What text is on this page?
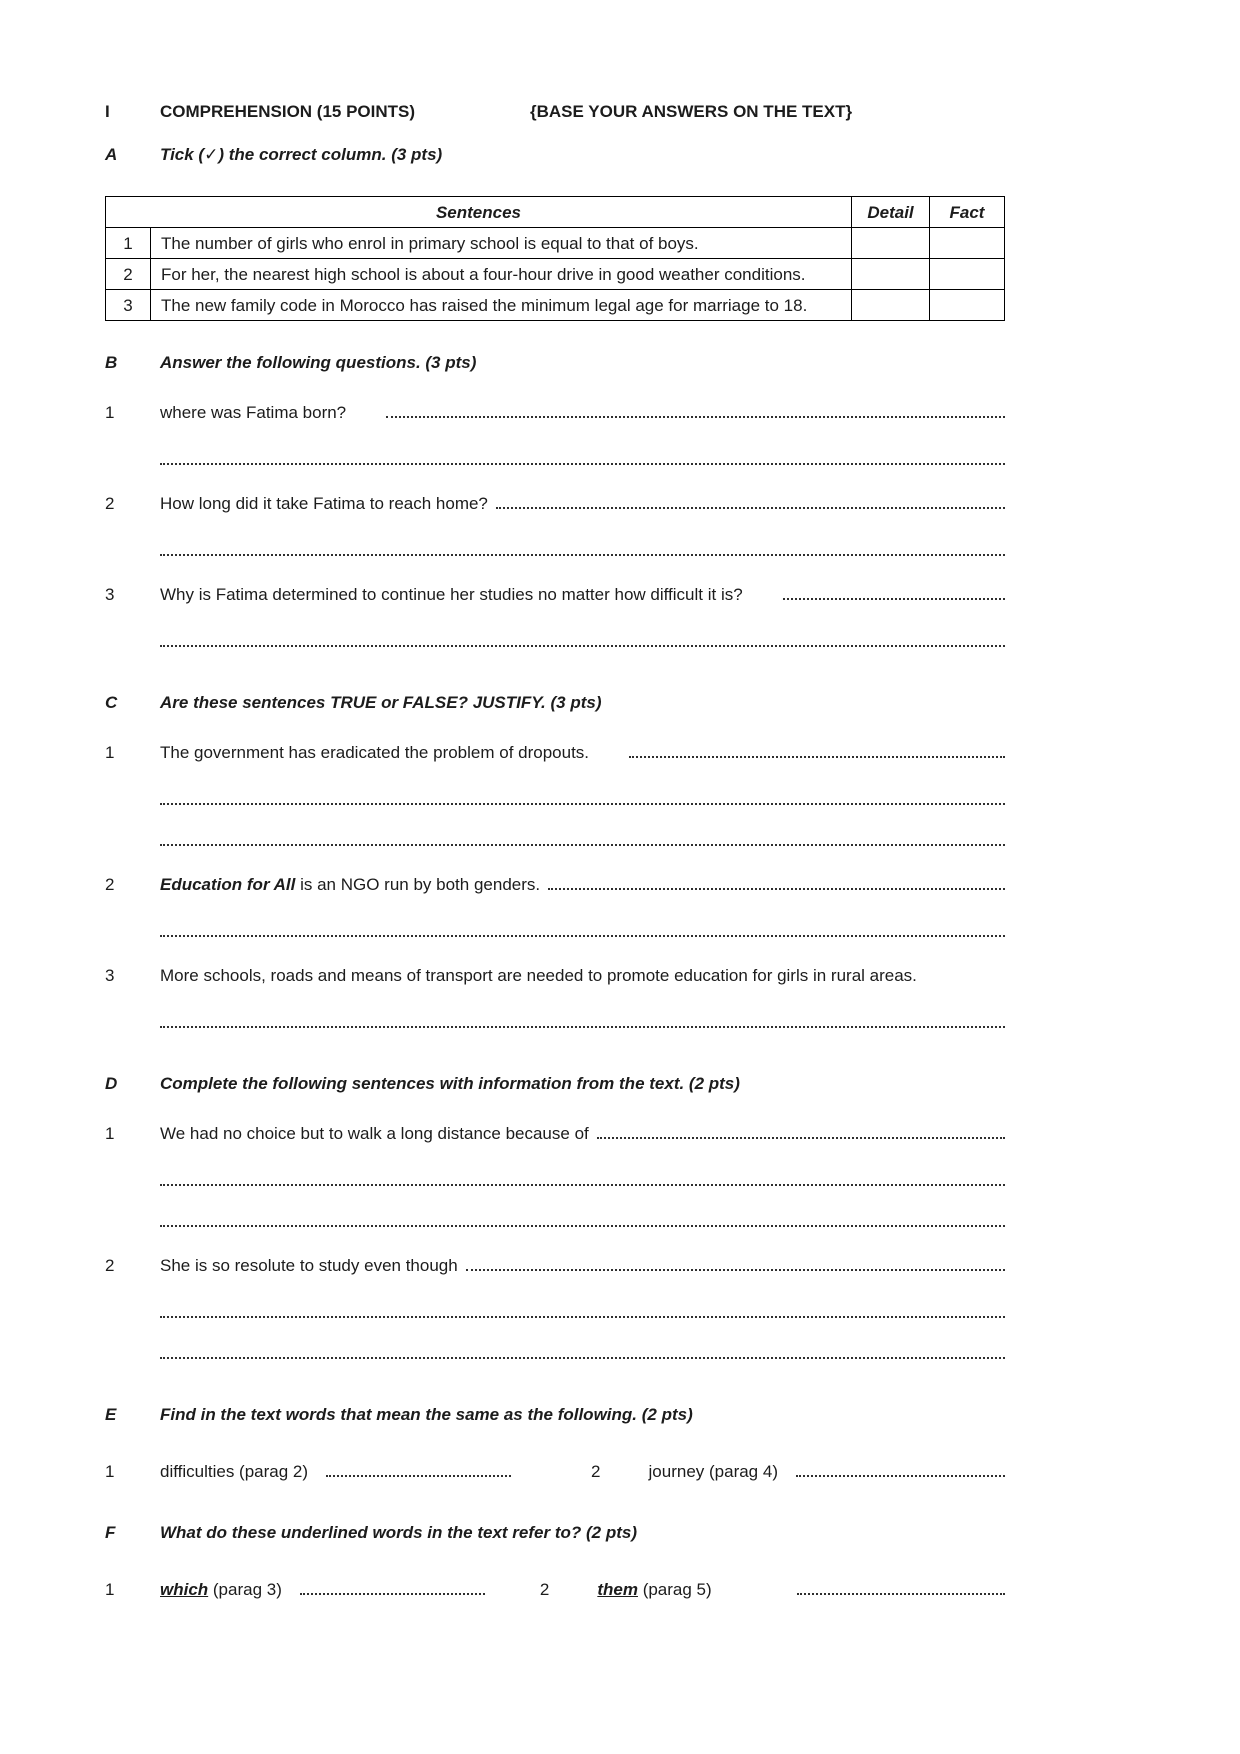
I	COMPREHENSION (15 POINTS)	{BASE YOUR ANSWERS ON THE TEXT}
A	Tick (✓) the correct column. (3 pts)
Sentences		Detail	Fact
1	The number of girls who enrol in primary school is equal to that of boys.		
2	For her, the nearest high school is about a four-hour drive in good weather conditions.		
3	The new family code in Morocco has raised the minimum legal age for marriage to 18.		
B	Answer the following questions. (3 pts)
1	where was Fatima born?
2	How long did it take Fatima to reach home?
3	Why is Fatima determined to continue her studies no matter how difficult it is?
C	Are these sentences TRUE or FALSE? JUSTIFY. (3 pts)
1	The government has eradicated the problem of dropouts.
2	Education for All is an NGO run by both genders.
3	More schools, roads and means of transport are needed to promote education for girls in rural areas.
D	Complete the following sentences with information from the text. (2 pts)
1	We had no choice but to walk a long distance because of
2	She is so resolute to study even though
E	Find in the text words that mean the same as the following. (2 pts)
1	difficulties (parag 2)	2	journey (parag 4)
F	What do these underlined words in the text refer to? (2 pts)
1	which (parag 3)	2	them (parag 5)
